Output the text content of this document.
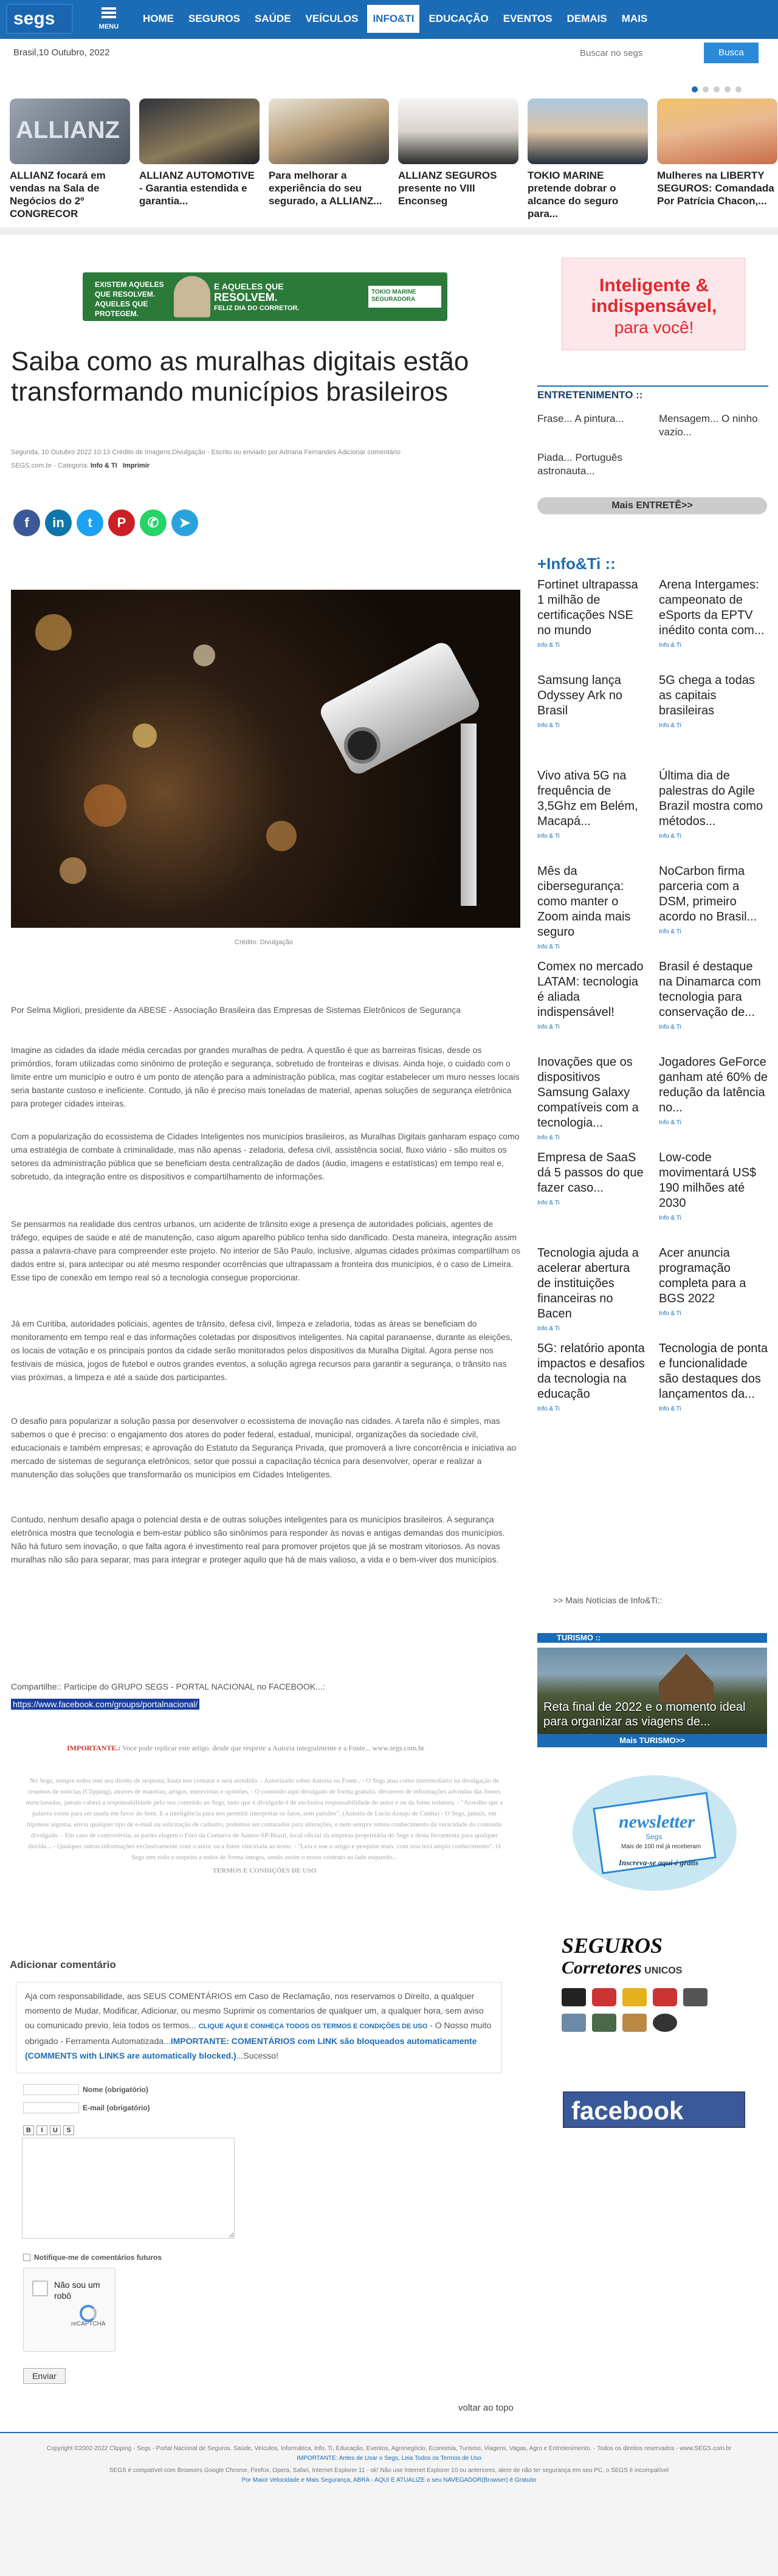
segs	MENU
HOME	SEGUROS	SAÚDE	VEÍCULOS	INFO&TI	EDUCAÇÃO	EVENTOS	DEMAIS	MAIS
Brasil,10 Outubro, 2022
Buscar no segs	Busca
ALLIANZ
ALLIANZ focará em vendas na Sala de Negócios do 2º CONGRECOR
ALLIANZ AUTOMOTIVE - Garantia estendida e garantia...
Para melhorar a experiência do seu segurado, a ALLIANZ...
ALLIANZ SEGUROS presente no VIII Enconseg
TOKIO MARINE pretende dobrar o alcance do seguro para...
Mulheres na LIBERTY SEGUROS: Comandada Por Patrícia Chacon,...
EXISTEM AQUELES
QUE RESOLVEM.
AQUELES QUE
PROTEGEM.
E AQUELES QUE
RESOLVEM.
FELIZ DIA DO CORRETOR.
TOKIO MARINE SEGURADORA
Inteligente &
indispensável,
para você!
Saiba como as muralhas digitais estão transformando municípios brasileiros
Segunda, 10 Outubro 2022 10:13 Crédito de Imagens:Divulgação - Escrito ou enviado por Adriana Fernandes Adicionar comentário
SEGS.com.br - Categoria: Info & TI Imprimir
f	in	t	P	✆	➤
Crédito: Divulgação

Por Selma Migliori, presidente da ABESE - Associação Brasileira das Empresas de Sistemas Eletrônicos de Segurança

Imagine as cidades da idade média cercadas por grandes muralhas de pedra. A questão é que as barreiras físicas, desde os primórdios, foram utilizadas como sinônimo de proteção e segurança, sobretudo de fronteiras e divisas. Ainda hoje, o cuidado com o limite entre um município e outro é um ponto de atenção para a administração pública, mas cogitar estabelecer um muro nesses locais seria bastante custoso e ineficiente. Contudo, já não é preciso mais toneladas de material, apenas soluções de segurança eletrônica para proteger cidades inteiras.

Com a popularização do ecossistema de Cidades Inteligentes nos municípios brasileiros, as Muralhas Digitais ganharam espaço como uma estratégia de combate à criminalidade, mas não apenas - zeladoria, defesa civil, assistência social, fluxo viário - são muitos os setores da administração pública que se beneficiam desta centralização de dados (áudio, imagens e estatísticas) em tempo real e, sobretudo, da integração entre os dispositivos e compartilhamento de informações.

Se pensarmos na realidade dos centros urbanos, um acidente de trânsito exige a presença de autoridades policiais, agentes de tráfego, equipes de saúde e até de manutenção, caso algum aparelho público tenha sido danificado. Desta maneira, integração assim passa a palavra-chave para compreender este projeto. No interior de São Paulo, inclusive, algumas cidades próximas compartilham os dados entre si, para antecipar ou até mesmo responder ocorrências que ultrapassam a fronteira dos municípios, é o caso de Limeira. Esse tipo de conexão em tempo real só a tecnologia consegue proporcionar.

Já em Curitiba, autoridades policiais, agentes de trânsito, defesa civil, limpeza e zeladoria, todas as áreas se beneficiam do monitoramento em tempo real e das informações coletadas por dispositivos inteligentes. Na capital paranaense, durante as eleições, os locais de votação e os principais pontos da cidade serão monitorados pelos dispositivos da Muralha Digital. Agora pense nos festivais de música, jogos de futebol e outros grandes eventos, a solução agrega recursos para garantir a segurança, o trânsito nas vias próximas, a limpeza e até a saúde dos participantes.

O desafio para popularizar a solução passa por desenvolver o ecossistema de inovação nas cidades. A tarefa não é simples, mas sabemos o que é preciso: o engajamento dos atores do poder federal, estadual, municipal, organizações da sociedade civil, educacionais e também empresas; e aprovação do Estatuto da Segurança Privada, que promoverá a livre concorrência e iniciativa ao mercado de sistemas de segurança eletrônicos, setor que possui a capacitação técnica para desenvolver, operar e realizar a manutenção das soluções que transformarão os municípios em Cidades Inteligentes.

Contudo, nenhum desafio apaga o potencial desta e de outras soluções inteligentes para os municípios brasileiros. A segurança eletrônica mostra que tecnologia e bem-estar público são sinônimos para responder às novas e antigas demandas dos municípios. Não há futuro sem inovação, o que falta agora é investimento real para promover projetos que já se mostram vitoriosos. As novas muralhas não são para separar, mas para integrar e proteger aquilo que há de mais valioso, a vida e o bem-viver dos municípios.

Compartilhe:: Participe do GRUPO SEGS - PORTAL NACIONAL no FACEBOOK...:
https://www.facebook.com/groups/portalnacional/
IMPORTANTE.: Voce pode replicar este artigo. desde que respeite a Autoria integralmente e a Fonte... www.segs.com.br
No Segs, sempre todos tem seu direito de resposta, basta nos contatar e será atendido. - Autorizado sobre Autoria ou Fonte.. - O Segs atua como intermediário na divulgação de resumos de notícias (Clipping), atraves de materias, artigos, entrevistas e opiniões. - O conteúdo aqui divulgado de forma gratuita, decorrem de informações advindas das fontes mencionadas, jamais caberá a responsabilidade pelo seu conteúdo ao Segs, tudo que é divulgado é de exclusiva responsabilidade do autor e ou da fonte redatora. - "Acredito que a palavra existe para ser usada em favor do bem. E a inteligência para nos permitir interpretar os fatos, sem paixões". (Autoria de Lucio Araujo de Cunha) - O Segs, jamais, em hipótese alguma, envia qualquer tipo de e-mail ou solicitação de cadastro, podemos ser contatados para alterações, e nem sempre temos conhecimento da veracidade do conteúdo divulgado. - Em caso de controvérsia, as partes elegem o Foro da Comarca de Santos-SP-Brasil, local oficial da empresa proprietária do Segs e desta ferramenta para qualquer dúvida... - Qualquer outras informações exclusivamente com o autor ou a fonte vinculada ao texto. - "Leia e use o artigo e pesquise mais, com isso terá amplo conhecimento". O Segs tem todo o respeito a todos de forma íntegra, sendo assim o nosso contrato ao lado esquerdo...
TERMOS E CONDIÇÕES DE USO
Adicionar comentário
Aja com responsabilidade, aos SEUS COMENTÁRIOS em Caso de Reclamação, nos reservamos o Direito, a qualquer momento de Mudar, Modificar, Adicionar, ou mesmo Suprimir os comentarios de qualquer um, a qualquer hora, sem aviso ou comunicado previo, leia todos os termos... CLIQUE AQUI E CONHEÇA TODOS OS TERMOS E CONDIÇÕES DE USO - O Nosso muito obrigado - Ferramenta Automatizada...IMPORTANTE: COMENTÁRIOS com LINK são bloqueados automaticamente (COMMENTS with LINKS are automatically blocked.)...Sucesso!
Nome (obrigatório)
E-mail (obrigatório)
B	I	U	S
Notifique-me de comentários futuros
Não sou um robô
reCAPTCHA
Enviar
voltar ao topo
ENTRETENIMENTO ::
Frase... A pintura...	Mensagem... O ninho vazio...
Piada... Português astronauta...
Mais ENTRETÊ>>
+Info&Ti ::
Fortinet ultrapassa 1 milhão de certificações NSE no mundo
Info & Ti
Arena Intergames: campeonato de eSports da EPTV inédito conta com...
Info & Ti
Samsung lança Odyssey Ark no Brasil
Info & Ti
5G chega a todas as capitais brasileiras
Info & Ti
Vivo ativa 5G na frequência de 3,5Ghz em Belém, Macapá...
Info & Ti
Última dia de palestras do Agile Brazil mostra como métodos...
Info & Ti
Mês da cibersegurança: como manter o Zoom ainda mais seguro
Info & Ti
NoCarbon firma parceria com a DSM, primeiro acordo no Brasil...
Info & Ti
Comex no mercado LATAM: tecnologia é aliada indispensável!
Info & Ti
Brasil é destaque na Dinamarca com tecnologia para conservação de...
Info & Ti
Inovações que os dispositivos Samsung Galaxy compatíveis com a tecnologia...
Info & Ti
Jogadores GeForce ganham até 60% de redução da latência no...
Info & Ti
Empresa de SaaS dá 5 passos do que fazer caso...
Info & Ti
Low-code movimentará US$ 190 milhões até 2030
Info & Ti
Tecnologia ajuda a acelerar abertura de instituições financeiras no Bacen
Info & Ti
Acer anuncia programação completa para a BGS 2022
Info & Ti
5G: relatório aponta impactos e desafios da tecnologia na educação
Info & Ti
Tecnologia de ponta e funcionalidade são destaques dos lançamentos da...
Info & Ti
>> Mais Notícias de Info&Ti::
TURISMO ::
Reta final de 2022 e o momento ideal para organizar as viagens de...
Mais TURISMO>>
newsletter
Segs
Mais de 100 mil já receberam
Inscreva-se aqui é grátis
SEGUROS
Corretores UNICOS
facebook
Copyright ©2002-2022 Clipping - Segs - Portal Nacional de Seguros. Saúde, Veículos, Informática, Info, Ti, Educação, Eventos, Agronegócio, Economia, Turismo, Viagens, Vagas, Agro e Entretenimento. - Todos os direitos reservados - www.SEGS.com.br
IMPORTANTE: Antes de Usar o Segs, Leia Todos os Termos de Uso
SEGS é compatível com Browsers Google Chrome, Firefox, Opera, Safari, Internet Explorer 11 - ok! Não use Internet Explorer 10 ou anteriores, alem de não ter segurança em seu PC, o SEGS é incompatível
Por Maior Velocidade e Mais Segurança, ABRA - AQUI E ATUALIZE o seu NAVEGADOR(Browser) é Gratuito
